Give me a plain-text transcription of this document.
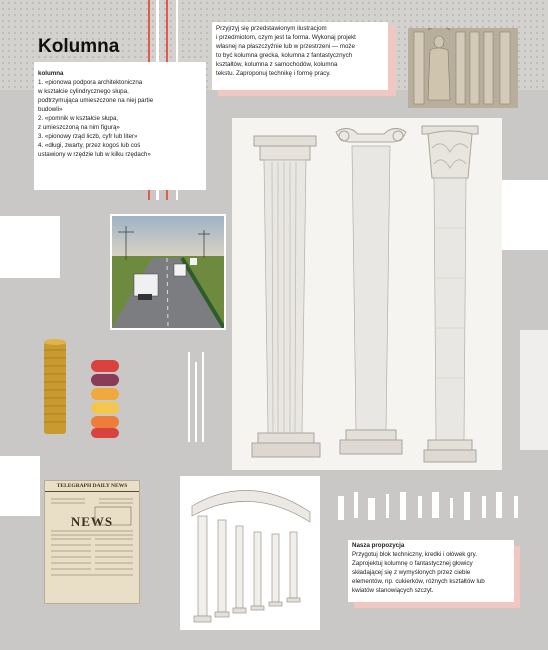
Kolumna
kolumna
1. «pionowa podpora architektoniczna
w kształcie cylindrycznego słupa,
podtrzymująca umieszczone na niej partie
budowli»
2. «pomnik w kształcie słupa,
z umieszczoną na nim figurą»
3. «pionowy rząd liczb, cyfr lub liter»
4. «długi, zwarty, przez kogoś lub coś
ustawiony w rzędzie lub w kilku rzędach»
Przyjrzyj się przedstawionym ilustracjom
i przedmiotom, czym jest ta forma. Wykonaj projekt
własnej na płaszczyźnie lub w przestrzeni — może
to być kolumna grecka, kolumna z fantastycznych
kształtów, kolumna z samochodów, kolumna
tekstu. Zaproponuj technikę i formę pracy.
TELEGRAPH DAILY NEWS
NEWS
Nasza propozycja
Przygotuj blok techniczny, kredki i ołówek gry.
Zaprojektuj kolumnę o fantastycznej głowicy
składającej się z wymyślonych przez ciebie
elementów, np. cukierków, różnych kształtów lub
kwiatów stanowiących szczyt.
